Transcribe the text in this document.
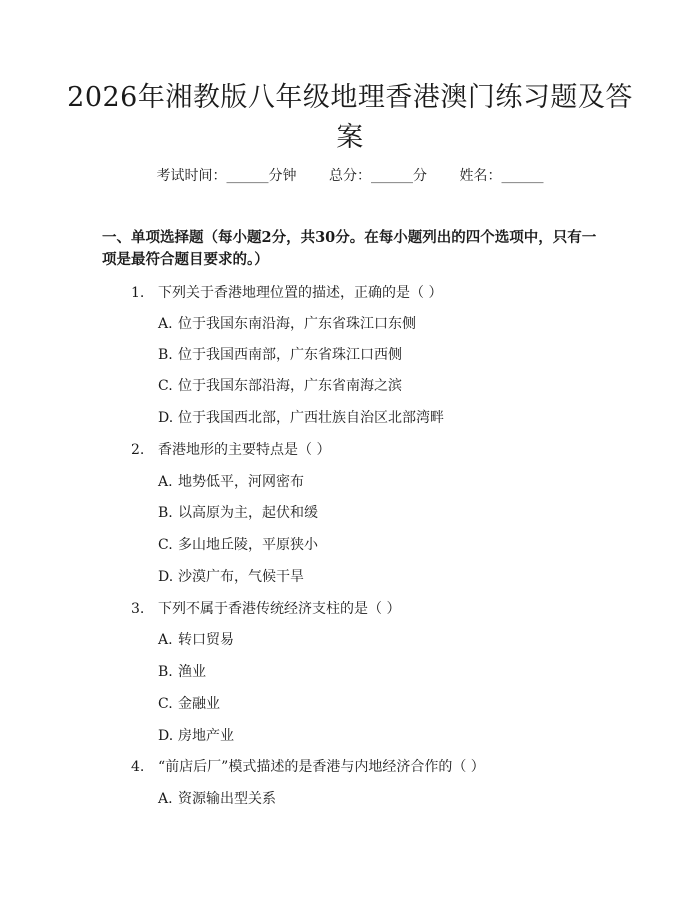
2026年湘教版八年级地理香港澳门练习题及答案
考试时间：______分钟 总分：______分 姓名：______
一、单项选择题（每小题2分，共30分。在每小题列出的四个选项中，只有一项是最符合题目要求的。）
1. 下列关于香港地理位置的描述，正确的是（ ）
A. 位于我国东南沿海，广东省珠江口东侧
B. 位于我国西南部，广东省珠江口西侧
C. 位于我国东部沿海，广东省南海之滨
D. 位于我国西北部，广西壮族自治区北部湾畔
2. 香港地形的主要特点是（ ）
A. 地势低平，河网密布
B. 以高原为主，起伏和缓
C. 多山地丘陵，平原狭小
D. 沙漠广布，气候干旱
3. 下列不属于香港传统经济支柱的是（ ）
A. 转口贸易
B. 渔业
C. 金融业
D. 房地产业
4. “前店后厂”模式描述的是香港与内地经济合作的（ ）
A. 资源输出型关系
